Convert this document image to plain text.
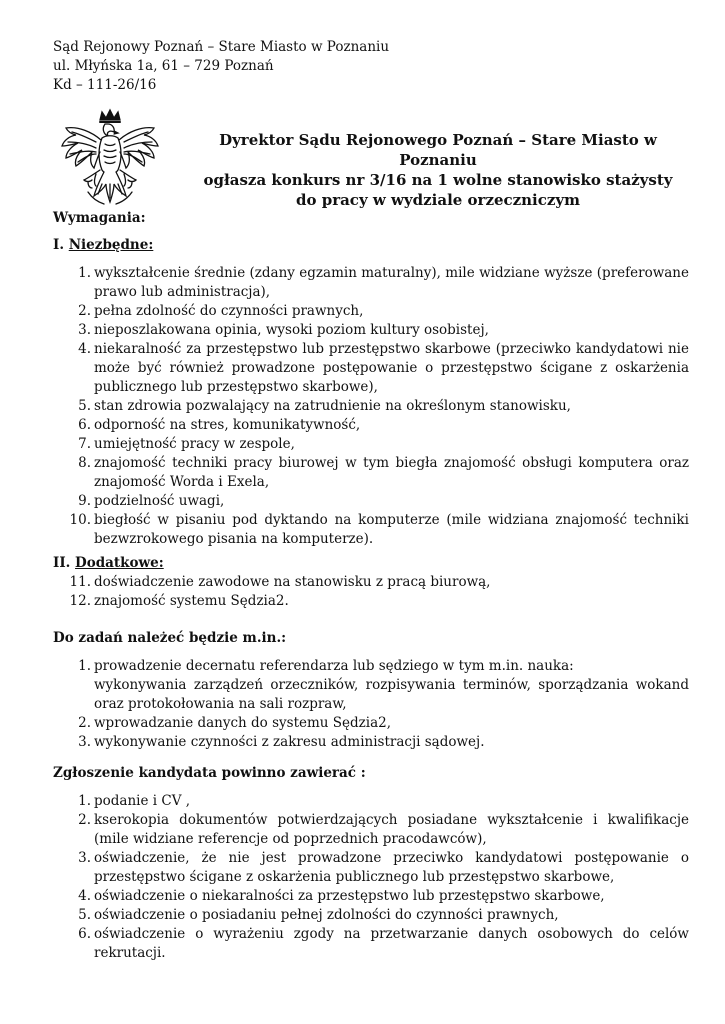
Sąd Rejonowy Poznań – Stare Miasto w Poznaniu
ul. Młyńska 1a, 61 – 729 Poznań
Kd – 111-26/16
Dyrektor Sądu Rejonowego Poznań – Stare Miasto w Poznaniu
ogłasza konkurs nr 3/16 na 1 wolne stanowisko stażysty
do pracy w wydziale orzeczniczym
Wymagania:
I. Niezbędne:
1. wykształcenie średnie (zdany egzamin maturalny), mile widziane wyższe (preferowane prawo lub administracja),
2. pełna zdolność do czynności prawnych,
3. nieposzlakowana opinia, wysoki poziom kultury osobistej,
4. niekaralność za przestępstwo lub przestępstwo skarbowe (przeciwko kandydatowi nie może być również prowadzone postępowanie o przestępstwo ścigane z oskarżenia publicznego lub przestępstwo skarbowe),
5. stan zdrowia pozwalający na zatrudnienie na określonym stanowisku,
6. odporność na stres, komunikatywność,
7. umiejętność pracy w zespole,
8. znajomość techniki pracy biurowej w tym biegła znajomość obsługi komputera oraz znajomość Worda i Exela,
9. podzielność uwagi,
10. biegłość w pisaniu pod dyktando na komputerze (mile widziana znajomość techniki bezwzrokowego pisania na komputerze).
II. Dodatkowe:
11. doświadczenie zawodowe na stanowisku z pracą biurową,
12. znajomość systemu Sędzia2.
Do zadań należeć będzie m.in.:
1. prowadzenie decernatu referendarza lub sędziego w tym m.in. nauka:
wykonywania zarządzeń orzeczników, rozpisywania terminów, sporządzania wokand oraz protokołowania na sali rozpraw,
2. wprowadzanie danych do systemu Sędzia2,
3. wykonywanie czynności z zakresu administracji sądowej.
Zgłoszenie kandydata powinno zawierać :
1. podanie i CV ,
2. kserokopia dokumentów potwierdzających posiadane wykształcenie i kwalifikacje (mile widziane referencje od poprzednich pracodawców),
3. oświadczenie, że nie jest prowadzone przeciwko kandydatowi postępowanie o przestępstwo ścigane z oskarżenia publicznego lub przestępstwo skarbowe,
4. oświadczenie o niekaralności za przestępstwo lub przestępstwo skarbowe,
5. oświadczenie o posiadaniu pełnej zdolności do czynności prawnych,
6. oświadczenie o wyrażeniu zgody na przetwarzanie danych osobowych do celów rekrutacji.
